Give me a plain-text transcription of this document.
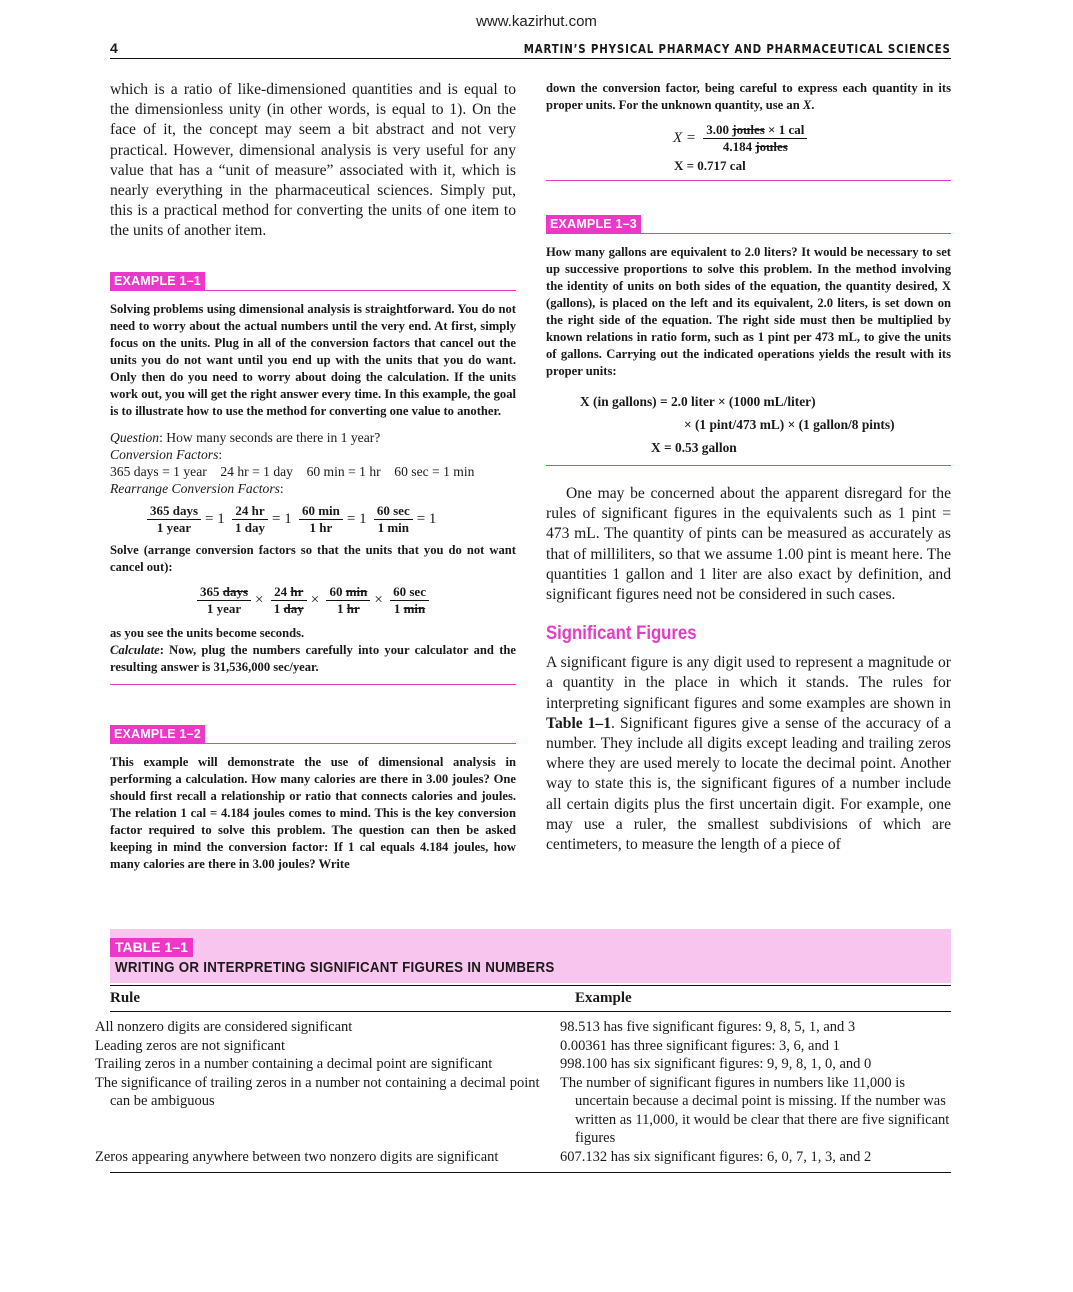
www.kazirhut.com
4	MARTIN’S PHYSICAL PHARMACY AND PHARMACEUTICAL SCIENCES

which is a ratio of like-dimensioned quantities and is equal to the dimensionless unity (in other words, is equal to 1). On the face of it, the concept may seem a bit abstract and not very practical. However, dimensional analysis is very useful for any value that has a “unit of measure” associated with it, which is nearly everything in the pharmaceutical sciences. Simply put, this is a practical method for converting the units of one item to the units of another item.

EXAMPLE 1–1

Solving problems using dimensional analysis is straightforward. You do not need to worry about the actual numbers until the very end. At first, simply focus on the units. Plug in all of the conversion factors that cancel out the units you do not want until you end up with the units that you do want. Only then do you need to worry about doing the calculation. If the units work out, you will get the right answer every time. In this example, the goal is to illustrate how to use the method for converting one value to another.

Question: How many seconds are there in 1 year?
Conversion Factors:
365 days = 1 year 24 hr = 1 day 60 min = 1 hr 60 sec = 1 min
Rearrange Conversion Factors:
$\frac{\text{365 days}}{\text{1 year}} = 1 \frac{24 hr}{\text{1 day}} = 1 \frac{60 \min}{1 hr} = 1 \frac{60 \sec}{1 \min} = 1$

Solve (arrange conversion factors so that the units that you do not want cancel out):

$\frac{\text{365 days}}{\text{1 year}} \times \frac{24 hr}{\text{1 day}} \times \frac{60 \min}{1 hr} \times \frac{60 \sec}{1 \min}$

as you see the units become seconds.

Calculate: Now, plug the numbers carefully into your calculator and the resulting answer is 31,536,000 sec/year.

EXAMPLE 1–2

This example will demonstrate the use of dimensional analysis in performing a calculation. How many calories are there in 3.00 joules? One should first recall a relationship or ratio that connects calories and joules. The relation 1 cal = 4.184 joules comes to mind. This is the key conversion factor required to solve this problem. The question can then be asked keeping in mind the conversion factor: If 1 cal equals 4.184 joules, how many calories are there in 3.00 joules? Write

down the conversion factor, being careful to express each quantity in its proper units. For the unknown quantity, use an X.

$X = \frac{\text{3.00 joules × 1 cal}}{\text{4.184 joules}}$
X = 0.717 cal
EXAMPLE 1–3

How many gallons are equivalent to 2.0 liters? It would be necessary to set up successive proportions to solve this problem. In the method involving the identity of units on both sides of the equation, the quantity desired, X (gallons), is placed on the left and its equivalent, 2.0 liters, is set down on the right side of the equation. The right side must then be multiplied by known relations in ratio form, such as 1 pint per 473 mL, to give the units of gallons. Carrying out the indicated operations yields the result with its proper units:

X (in gallons) = 2.0 liter × (1000 mL/liter)
× (1 pint/473 mL) × (1 gallon/8 pints)
X = 0.53 gallon

One may be concerned about the apparent disregard for the rules of significant figures in the equivalents such as 1 pint = 473 mL. The quantity of pints can be measured as accurately as that of milliliters, so that we assume 1.00 pint is meant here. The quantities 1 gallon and 1 liter are also exact by definition, and significant figures need not be considered in such cases.

Significant Figures

A significant figure is any digit used to represent a magnitude or a quantity in the place in which it stands. The rules for interpreting significant figures and some examples are shown in Table 1–1. Significant figures give a sense of the accuracy of a number. They include all digits except leading and trailing zeros where they are used merely to locate the decimal point. Another way to state this is, the significant figures of a number include all certain digits plus the first uncertain digit. For example, one may use a ruler, the smallest subdivisions of which are centimeters, to measure the length of a piece of

TABLE 1–1
WRITING OR INTERPRETING SIGNIFICANT FIGURES IN NUMBERS
Rule	Example

All nonzero digits are considered significant	98.513 has five significant figures: 9, 8, 5, 1, and 3
Leading zeros are not significant	0.00361 has three significant figures: 3, 6, and 1
Trailing zeros in a number containing a decimal point are significant	998.100 has six significant figures: 9, 9, 8, 1, 0, and 0
The significance of trailing zeros in a number not containing a decimal point can be ambiguous	The number of significant figures in numbers like 11,000 is uncertain because a decimal point is missing. If the number was written as 11,000, it would be clear that there are five significant figures
Zeros appearing anywhere between two nonzero digits are significant	607.132 has six significant figures: 6, 0, 7, 1, 3, and 2
